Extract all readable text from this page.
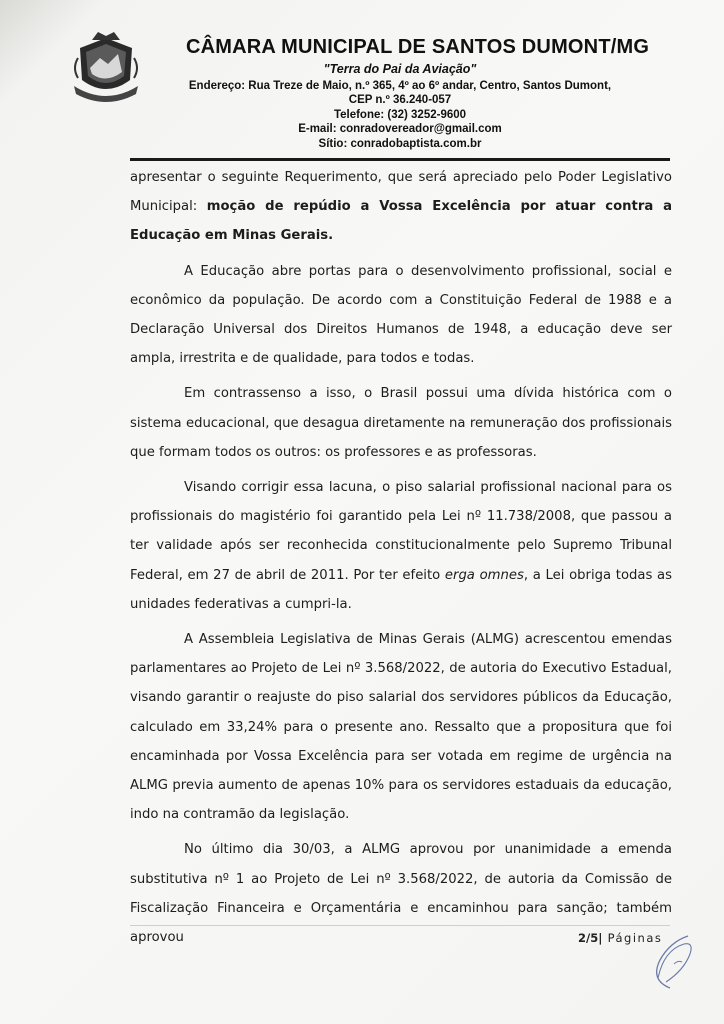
CÂMARA MUNICIPAL DE SANTOS DUMONT/MG
"Terra do Pai da Aviação"
Endereço: Rua Treze de Maio, n.º 365, 4º ao 6º andar, Centro, Santos Dumont,
CEP n.º 36.240-057
Telefone: (32) 3252-9600
E-mail: conradovereador@gmail.com
Sítio: conradobaptista.com.br

apresentar o seguinte Requerimento, que será apreciado pelo Poder Legislativo Municipal: moção de repúdio a Vossa Excelência por atuar contra a Educação em Minas Gerais.

A Educação abre portas para o desenvolvimento profissional, social e econômico da população. De acordo com a Constituição Federal de 1988 e a Declaração Universal dos Direitos Humanos de 1948, a educação deve ser ampla, irrestrita e de qualidade, para todos e todas.

Em contrassenso a isso, o Brasil possui uma dívida histórica com o sistema educacional, que desagua diretamente na remuneração dos profissionais que formam todos os outros: os professores e as professoras.

Visando corrigir essa lacuna, o piso salarial profissional nacional para os profissionais do magistério foi garantido pela Lei nº 11.738/2008, que passou a ter validade após ser reconhecida constitucionalmente pelo Supremo Tribunal Federal, em 27 de abril de 2011. Por ter efeito erga omnes, a Lei obriga todas as unidades federativas a cumpri-la.

A Assembleia Legislativa de Minas Gerais (ALMG) acrescentou emendas parlamentares ao Projeto de Lei nº 3.568/2022, de autoria do Executivo Estadual, visando garantir o reajuste do piso salarial dos servidores públicos da Educação, calculado em 33,24% para o presente ano. Ressalto que a propositura que foi encaminhada por Vossa Excelência para ser votada em regime de urgência na ALMG previa aumento de apenas 10% para os servidores estaduais da educação, indo na contramão da legislação.

No último dia 30/03, a ALMG aprovou por unanimidade a emenda substitutiva nº 1 ao Projeto de Lei nº 3.568/2022, de autoria da Comissão de Fiscalização Financeira e Orçamentária e encaminhou para sanção; também aprovou	2/5| Páginas
